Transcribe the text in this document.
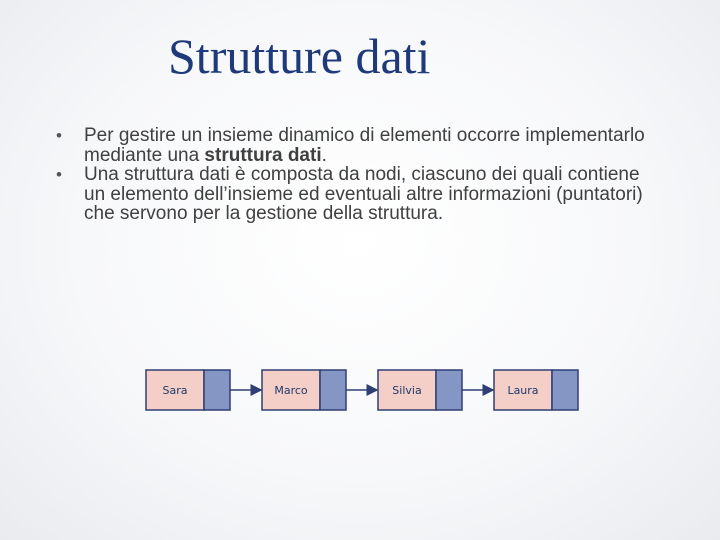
Strutture dati
• Per gestire un insieme dinamico di elementi occorre implementarlo mediante una struttura dati.
• Una struttura dati è composta da nodi, ciascuno dei quali contiene un elemento dell’insieme ed eventuali altre informazioni (puntatori) che servono per la gestione della struttura.
Sara	Marco	Silvia	Laura
